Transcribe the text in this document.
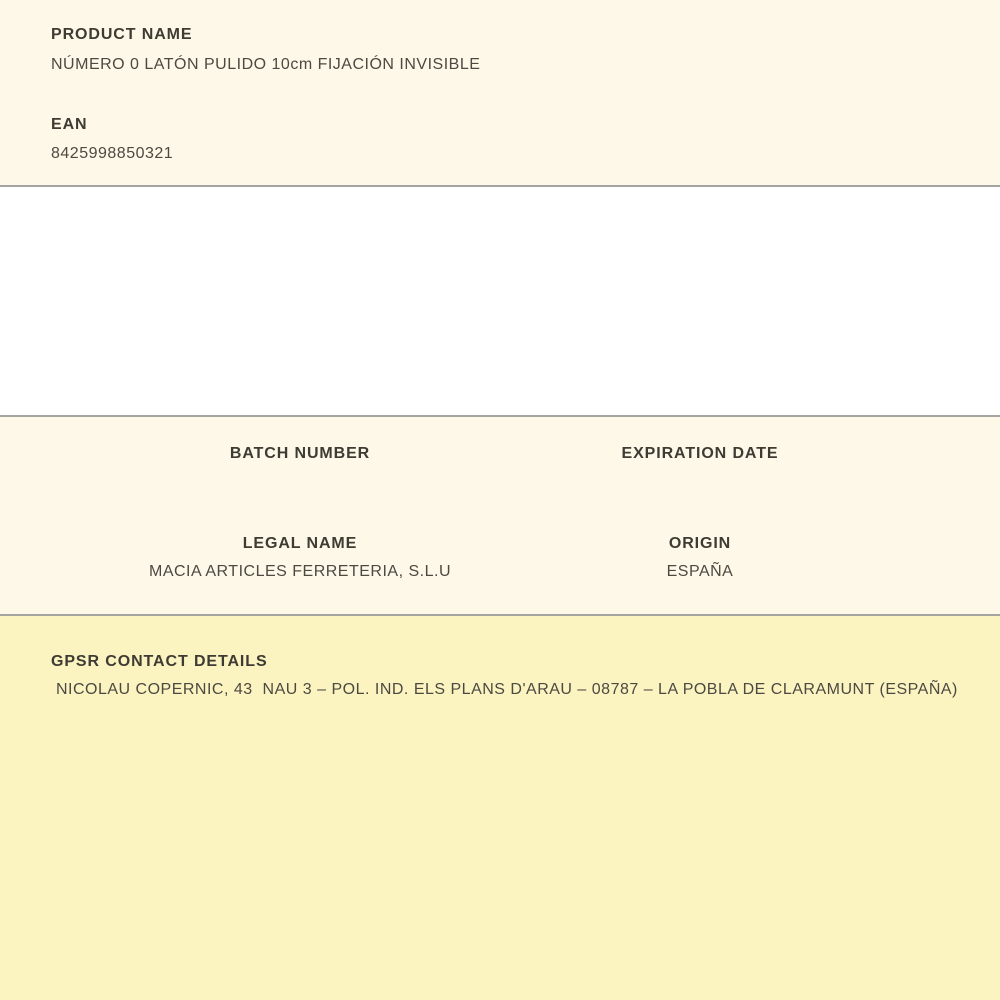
PRODUCT NAME
NÚMERO 0 LATÓN PULIDO 10cm FIJACIÓN INVISIBLE
EAN
8425998850321
BATCH NUMBER	EXPIRATION DATE
LEGAL NAME	ORIGIN
MACIA ARTICLES FERRETERIA, S.L.U	ESPAÑA
GPSR CONTACT DETAILS
NICOLAU COPERNIC, 43  NAU 3 – POL. IND. ELS PLANS D'ARAU – 08787 – LA POBLA DE CLARAMUNT (ESPAÑA)
